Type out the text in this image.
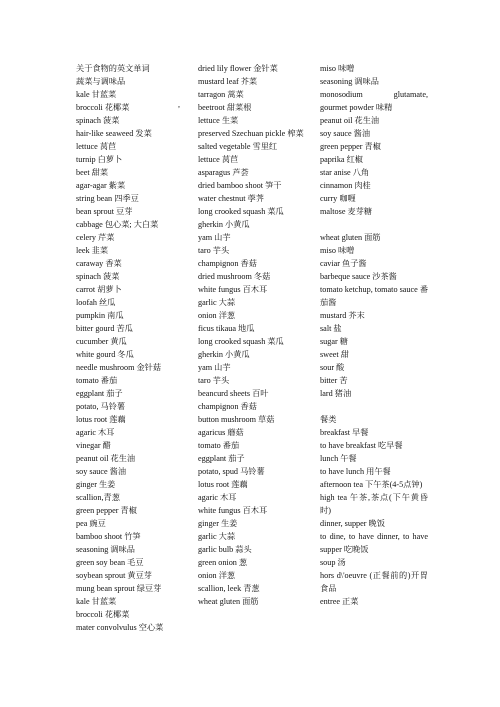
,
关于食物的英文单词
蔬菜与调味品
kale 甘蓝菜
broccoli 花椰菜
spinach 菠菜
hair-like seaweed 发菜
lettuce 莴苣
turnip 白萝卜
beet 甜菜
agar-agar 紫菜
string bean 四季豆
bean sprout 豆芽
cabbage 包心菜; 大白菜
celery 芹菜
leek 韭菜
caraway 香菜
spinach 菠菜
carrot 胡萝卜
loofah 丝瓜
pumpkin 南瓜
bitter gourd 苦瓜
cucumber 黄瓜
white gourd 冬瓜
needle mushroom 金针菇
tomato 番茄
eggplant 茄子
potato, 马铃薯
lotus root 莲藕
agaric 木耳
vinegar 醋
peanut oil 花生油
soy sauce 酱油
ginger 生姜
scallion,青葱
green pepper 青椒
pea 豌豆
bamboo shoot 竹笋
seasoning 调味品
green soy bean 毛豆
soybean sprout 黄豆芽
mung bean sprout 绿豆芽
kale 甘蓝菜
broccoli 花椰菜
mater convolvulus 空心菜
dried lily flower 金针菜
mustard leaf 芥菜
tarragon 蒿菜
beetroot 甜菜根
lettuce 生菜
preserved Szechuan pickle 榨菜
salted vegetable 雪里红
lettuce 莴苣
asparagus 芦荟
dried bamboo shoot 笋干
water chestnut 荸荠
long crooked squash 菜瓜
gherkin 小黄瓜
yam 山芋
taro 芋头
champignon 香菇
dried mushroom 冬菇
white fungus 百木耳
garlic 大蒜
onion 洋葱
ficus tikaua 地瓜
long crooked squash 菜瓜
gherkin 小黄瓜
yam 山芋
taro 芋头
beancurd sheets 百叶
champignon 香菇
button mushroom 草菇
agaricus 蘑菇
tomato 番茄
eggplant 茄子
potato, spud 马铃薯
lotus root 莲藕
agaric 木耳
white fungus 百木耳
ginger 生姜
garlic 大蒜
garlic bulb 蒜头
green onion 葱
onion 洋葱
scallion, leek 青葱
wheat gluten 面筋
miso 味噌
seasoning 调味品
monosodium glutamate, gourmet powder 味精
peanut oil 花生油
soy sauce 酱油
green pepper 青椒
paprika 红椒
star anise 八角
cinnamon 肉桂
curry 咖喱
maltose 麦芽糖
wheat gluten 面筋
miso 味噌
caviar 鱼子酱
barbeque sauce 沙茶酱
tomato ketchup, tomato sauce 番茄酱
mustard 芥末
salt 盐
sugar 糖
sweet 甜
sour 酸
bitter 苦
lard 猪油
餐类
breakfast 早餐
to have breakfast 吃早餐
lunch 午餐
to have lunch 用午餐
afternoon tea 下午茶(4-5点钟)
high tea 午茶,茶点(下午黄昏时)
dinner, supper 晚饭
to dine, to have dinner, to have supper 吃晚饭
soup 汤
hors d\'oeuvre (正餐前的)开胃食品
entree 正菜
